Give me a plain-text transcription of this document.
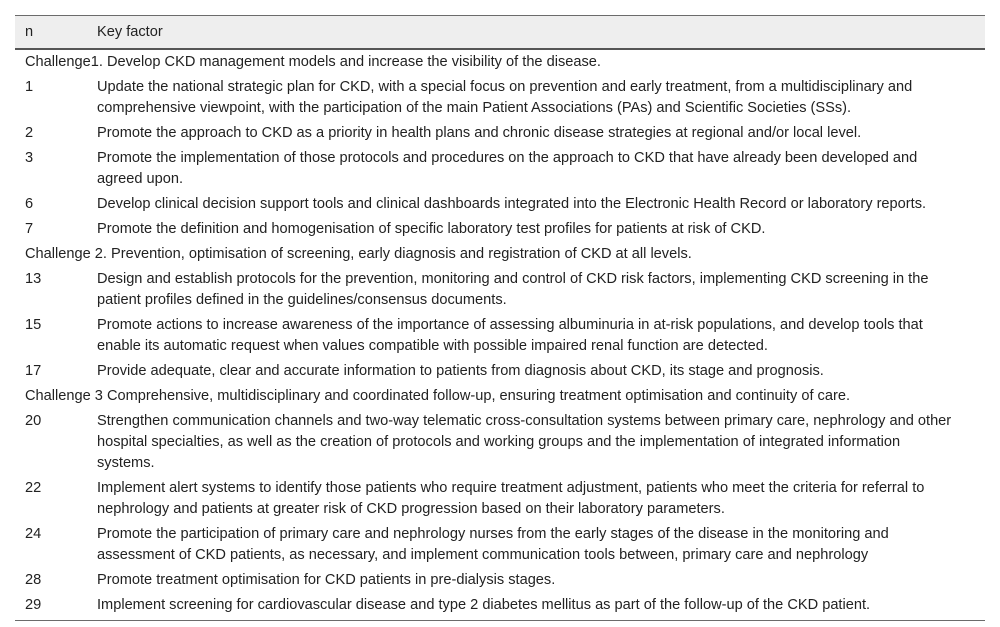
n	Key factor
Challenge1. Develop CKD management models and increase the visibility of the disease.	
1	Update the national strategic plan for CKD, with a special focus on prevention and early treatment, from a multidisciplinary and comprehensive viewpoint, with the participation of the main Patient Associations (PAs) and Scientific Societies (SSs).
2	Promote the approach to CKD as a priority in health plans and chronic disease strategies at regional and/or local level.
3	Promote the implementation of those protocols and procedures on the approach to CKD that have already been developed and agreed upon.
6	Develop clinical decision support tools and clinical dashboards integrated into the Electronic Health Record or laboratory reports.
7	Promote the definition and homogenisation of specific laboratory test profiles for patients at risk of CKD.
Challenge 2. Prevention, optimisation of screening, early diagnosis and registration of CKD at all levels.	
13	Design and establish protocols for the prevention, monitoring and control of CKD risk factors, implementing CKD screening in the patient profiles defined in the guidelines/consensus documents.
15	Promote actions to increase awareness of the importance of assessing albuminuria in at-risk populations, and develop tools that enable its automatic request when values compatible with possible impaired renal function are detected.
17	Provide adequate, clear and accurate information to patients from diagnosis about CKD, its stage and prognosis.
Challenge 3 Comprehensive, multidisciplinary and coordinated follow-up, ensuring treatment optimisation and continuity of care.	
20	Strengthen communication channels and two-way telematic cross-consultation systems between primary care, nephrology and other hospital specialties, as well as the creation of protocols and working groups and the implementation of integrated information systems.
22	Implement alert systems to identify those patients who require treatment adjustment, patients who meet the criteria for referral to nephrology and patients at greater risk of CKD progression based on their laboratory parameters.
24	Promote the participation of primary care and nephrology nurses from the early stages of the disease in the monitoring and assessment of CKD patients, as necessary, and implement communication tools between, primary care and nephrology
28	Promote treatment optimisation for CKD patients in pre-dialysis stages.
29	Implement screening for cardiovascular disease and type 2 diabetes mellitus as part of the follow-up of the CKD patient.
